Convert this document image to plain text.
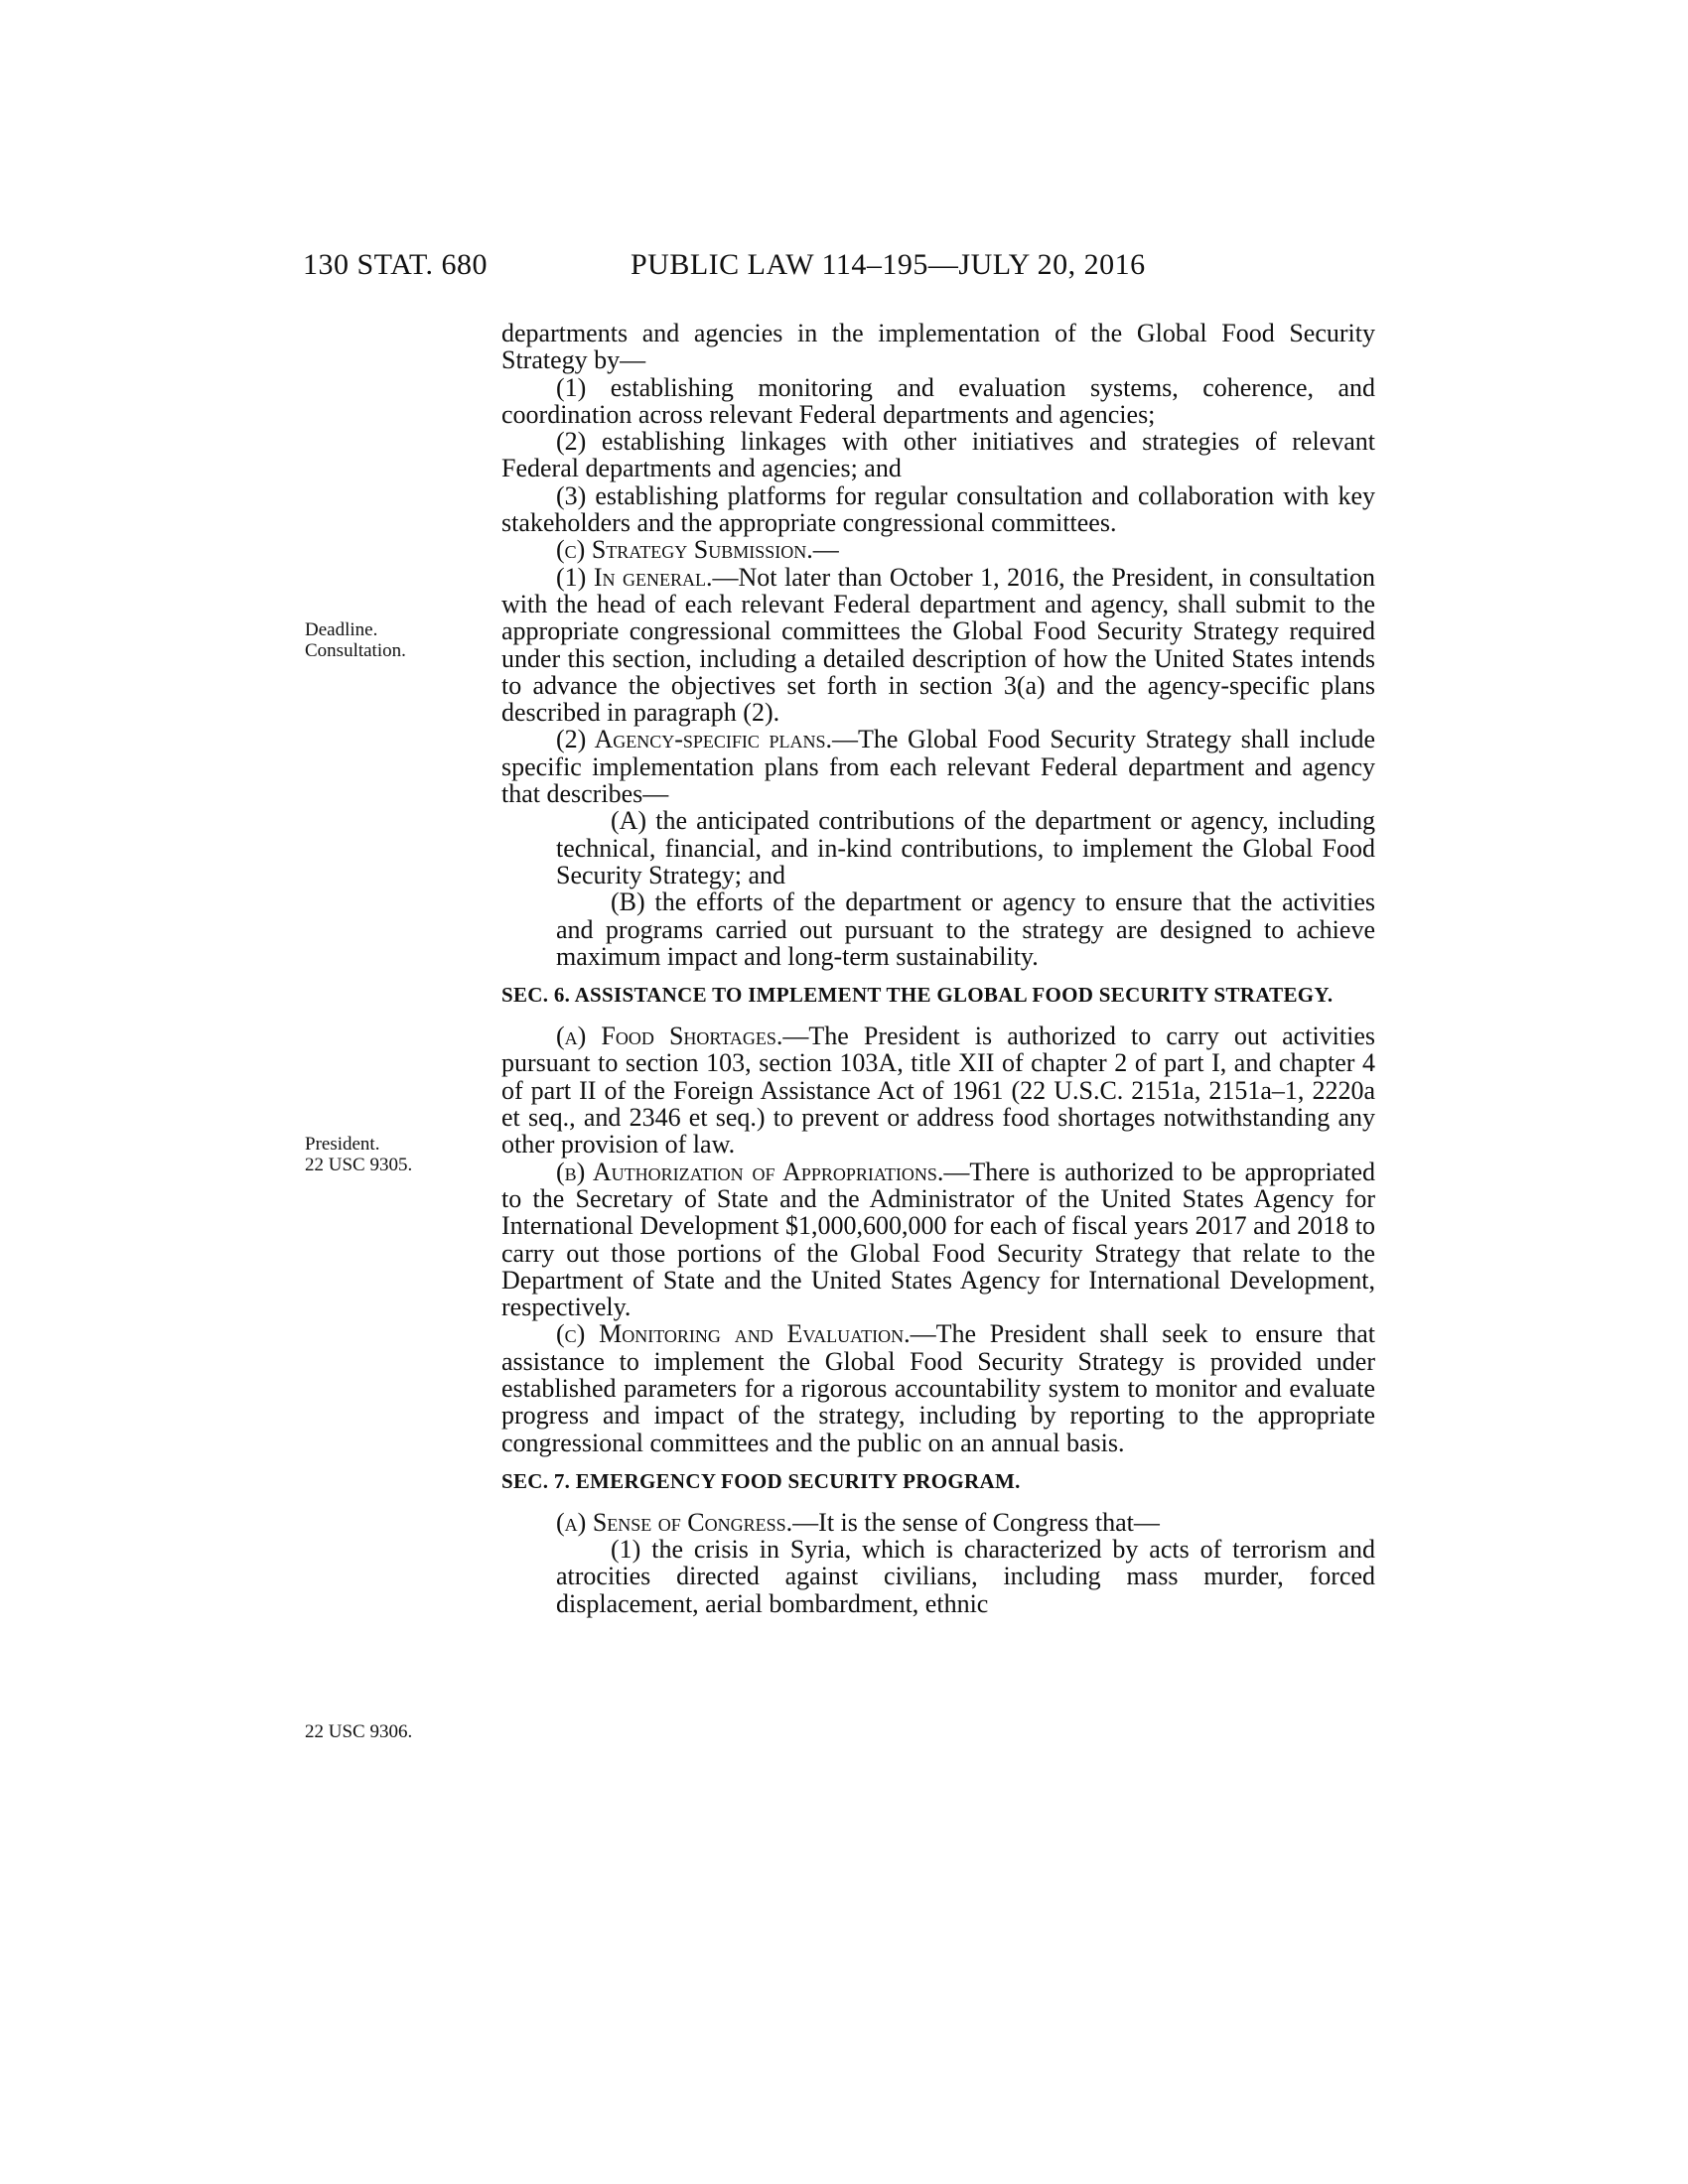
130 STAT. 680	PUBLIC LAW 114–195—JULY 20, 2016
Deadline.
Consultation.
President.
22 USC 9305.
22 USC 9306.

departments and agencies in the implementation of the Global Food Security Strategy by—

(1) establishing monitoring and evaluation systems, coherence, and coordination across relevant Federal departments and agencies;

(2) establishing linkages with other initiatives and strategies of relevant Federal departments and agencies; and

(3) establishing platforms for regular consultation and collaboration with key stakeholders and the appropriate congressional committees.

(c) Strategy Submission.—

(1) In general.—Not later than October 1, 2016, the President, in consultation with the head of each relevant Federal department and agency, shall submit to the appropriate congressional committees the Global Food Security Strategy required under this section, including a detailed description of how the United States intends to advance the objectives set forth in section 3(a) and the agency-specific plans described in paragraph (2).

(2) Agency-specific plans.—The Global Food Security Strategy shall include specific implementation plans from each relevant Federal department and agency that describes—

(A) the anticipated contributions of the department or agency, including technical, financial, and in-kind contributions, to implement the Global Food Security Strategy; and

(B) the efforts of the department or agency to ensure that the activities and programs carried out pursuant to the strategy are designed to achieve maximum impact and long-term sustainability.

SEC. 6. ASSISTANCE TO IMPLEMENT THE GLOBAL FOOD SECURITY STRATEGY.

(a) Food Shortages.—The President is authorized to carry out activities pursuant to section 103, section 103A, title XII of chapter 2 of part I, and chapter 4 of part II of the Foreign Assistance Act of 1961 (22 U.S.C. 2151a, 2151a–1, 2220a et seq., and 2346 et seq.) to prevent or address food shortages notwithstanding any other provision of law.

(b) Authorization of Appropriations.—There is authorized to be appropriated to the Secretary of State and the Administrator of the United States Agency for International Development $1,000,600,000 for each of fiscal years 2017 and 2018 to carry out those portions of the Global Food Security Strategy that relate to the Department of State and the United States Agency for International Development, respectively.

(c) Monitoring and Evaluation.—The President shall seek to ensure that assistance to implement the Global Food Security Strategy is provided under established parameters for a rigorous accountability system to monitor and evaluate progress and impact of the strategy, including by reporting to the appropriate congressional committees and the public on an annual basis.

SEC. 7. EMERGENCY FOOD SECURITY PROGRAM.

(a) Sense of Congress.—It is the sense of Congress that—

(1) the crisis in Syria, which is characterized by acts of terrorism and atrocities directed against civilians, including mass murder, forced displacement, aerial bombardment, ethnic
